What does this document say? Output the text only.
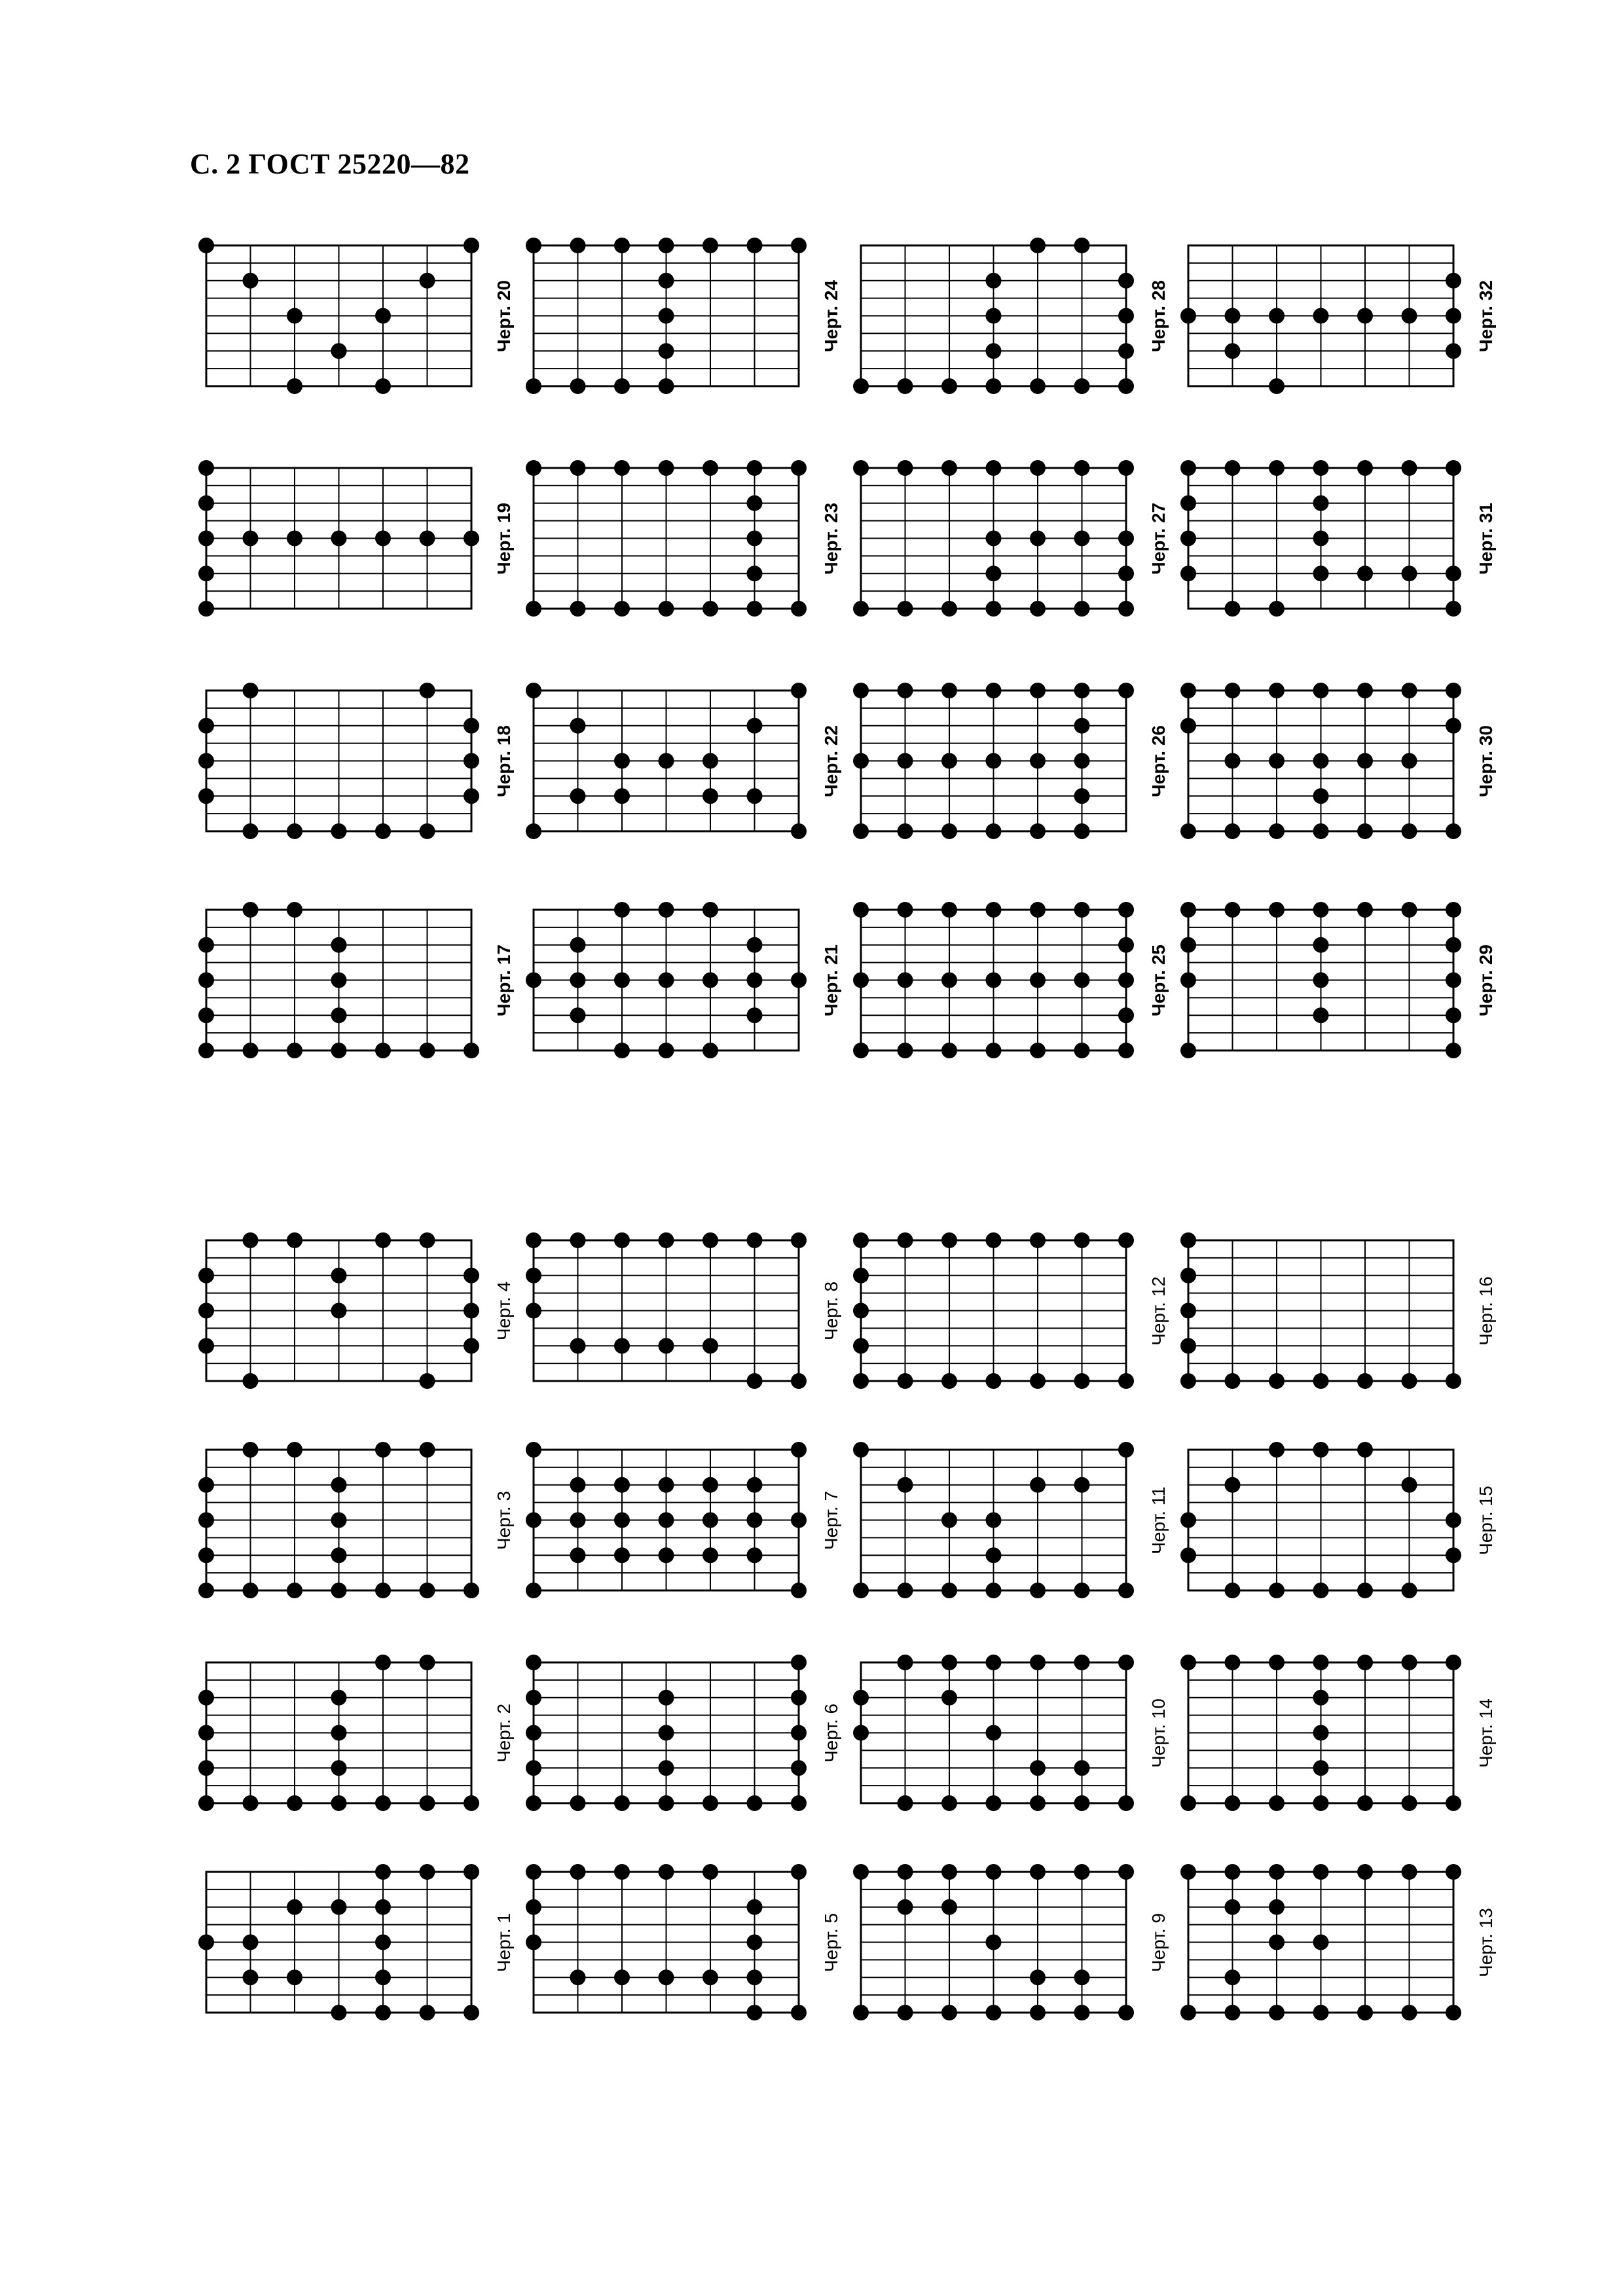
С. 2 ГОСТ 25220—82
Черт. 20	Черт. 24	Черт. 28	Черт. 32
Черт. 19	Черт. 23	Черт. 27	Черт. 31
Черт. 18	Черт. 22	Черт. 26	Черт. 30
Черт. 17	Черт. 21	Черт. 25	Черт. 29
Черт. 4	Черт. 8	Черт. 12	Черт. 16
Черт. 3	Черт. 7	Черт. 11	Черт. 15
Черт. 2	Черт. 6	Черт. 10	Черт. 14
Черт. 1	Черт. 5	Черт. 9	Черт. 13
